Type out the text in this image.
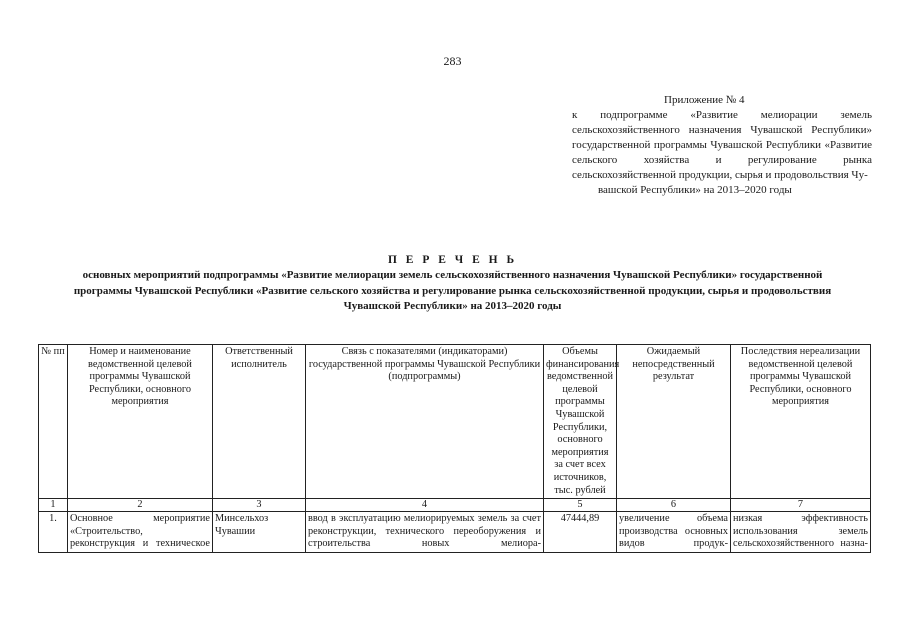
283
Приложение № 4
к подпрограмме «Развитие мелиорации земель сельскохозяйственного назначения Чувашской Республики» государственной программы Чувашской Республики «Развитие сельского хозяйства и регулирование рынка сельскохозяйственной продукции, сырья и продовольствия Чу-
вашской Республики» на 2013–2020 годы
П Е Р Е Ч Е Н Ь
основных мероприятий подпрограммы «Развитие мелиорации земель сельскохозяйственного назначения Чувашской Республики» государственной программы Чувашской Республики «Развитие сельского хозяйства и регулирование рынка сельскохозяйственной продукции, сырья и продовольствия Чувашской Республики» на 2013–2020 годы
№ пп	Номер и наименование ведомственной целевой программы Чувашской Республики, основного мероприятия	Ответственный исполнитель	Связь с показателями (индикаторами) государственной программы Чувашской Республики (подпрограммы)	Объемы финансирования ведомственной целевой программы Чувашской Республики, основного мероприятия за счет всех источников, тыс. рублей	Ожидаемый непосредственный результат	Последствия нереализации ведомственной целевой программы Чувашской Республики, основного мероприятия
1	2	3	4	5	6	7
1.	Основное мероприятие «Строительство, реконструкция и техническое	Минсельхоз Чувашии	ввод в эксплуатацию мелиорируемых земель за счет реконструкции, технического переоборужения и строительства новых мелиора-	47444,89	увеличение объема производства основных видов продук-	низкая эффективность использования земель сельскохозяйственного назна-
